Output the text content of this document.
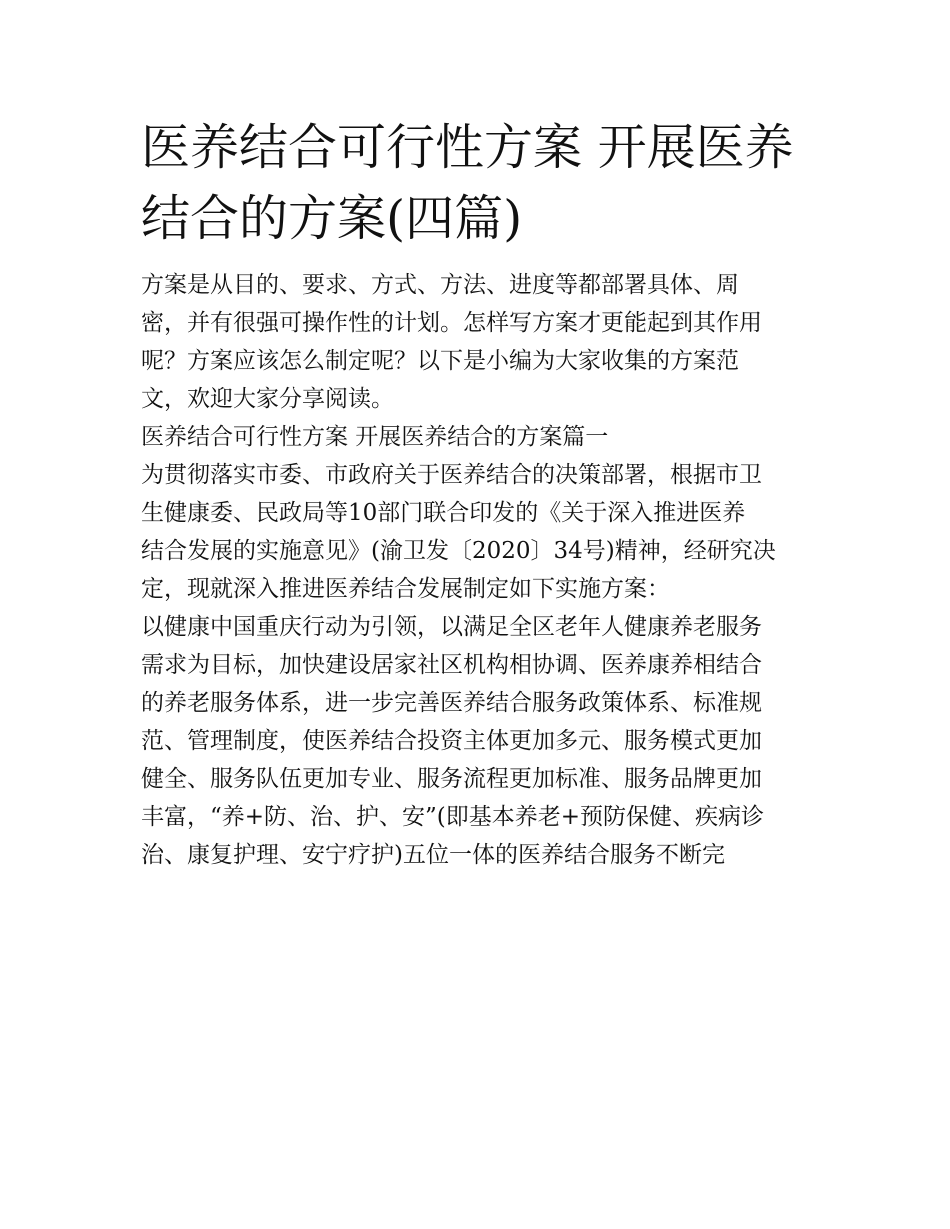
医养结合可行性方案 开展医养
结合的方案(四篇)
方案是从目的、要求、方式、方法、进度等都部署具体、周
密，并有很强可操作性的计划。怎样写方案才更能起到其作用
呢？方案应该怎么制定呢？以下是小编为大家收集的方案范
文，欢迎大家分享阅读。
医养结合可行性方案 开展医养结合的方案篇一
为贯彻落实市委、市政府关于医养结合的决策部署，根据市卫
生健康委、民政局等10部门联合印发的《关于深入推进医养
结合发展的实施意见》(渝卫发〔2020〕34号)精神，经研究决
定，现就深入推进医养结合发展制定如下实施方案：
以健康中国重庆行动为引领，以满足全区老年人健康养老服务
需求为目标，加快建设居家社区机构相协调、医养康养相结合
的养老服务体系，进一步完善医养结合服务政策体系、标准规
范、管理制度，使医养结合投资主体更加多元、服务模式更加
健全、服务队伍更加专业、服务流程更加标准、服务品牌更加
丰富，“养+防、治、护、安”(即基本养老+预防保健、疾病诊
治、康复护理、安宁疗护)五位一体的医养结合服务不断完
